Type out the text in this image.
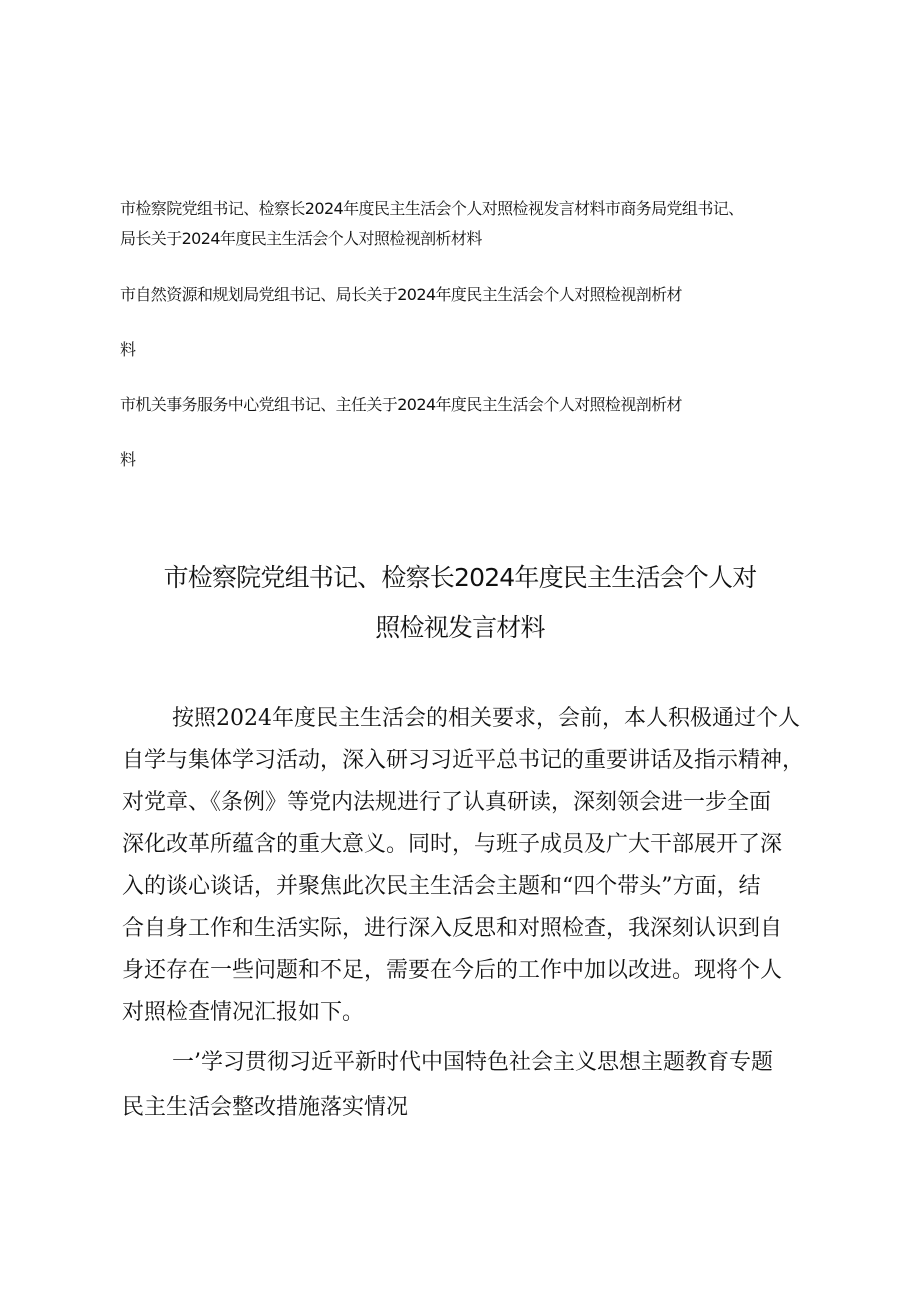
市检察院党组书记、检察长2024年度民主生活会个人对照检视发言材料市商务局党组书记、
局长关于2024年度民主生活会个人对照检视剖析材料
市自然资源和规划局党组书记、局长关于2024年度民主生活会个人对照检视剖析材
料
市机关事务服务中心党组书记、主任关于2024年度民主生活会个人对照检视剖析材
料
市检察院党组书记、检察长2024年度民主生活会个人对
照检视发言材料
按照2024年度民主生活会的相关要求，会前，本人积极通过个人
自学与集体学习活动，深入研习习近平总书记的重要讲话及指示精神，
对党章、《条例》等党内法规进行了认真研读，深刻领会进一步全面
深化改革所蕴含的重大意义。同时，与班子成员及广大干部展开了深
入的谈心谈话，并聚焦此次民主生活会主题和“四个带头”方面，结
合自身工作和生活实际，进行深入反思和对照检查，我深刻认识到自
身还存在一些问题和不足，需要在今后的工作中加以改进。现将个人
对照检查情况汇报如下。
一’学习贯彻习近平新时代中国特色社会主义思想主题教育专题
民主生活会整改措施落实情况
